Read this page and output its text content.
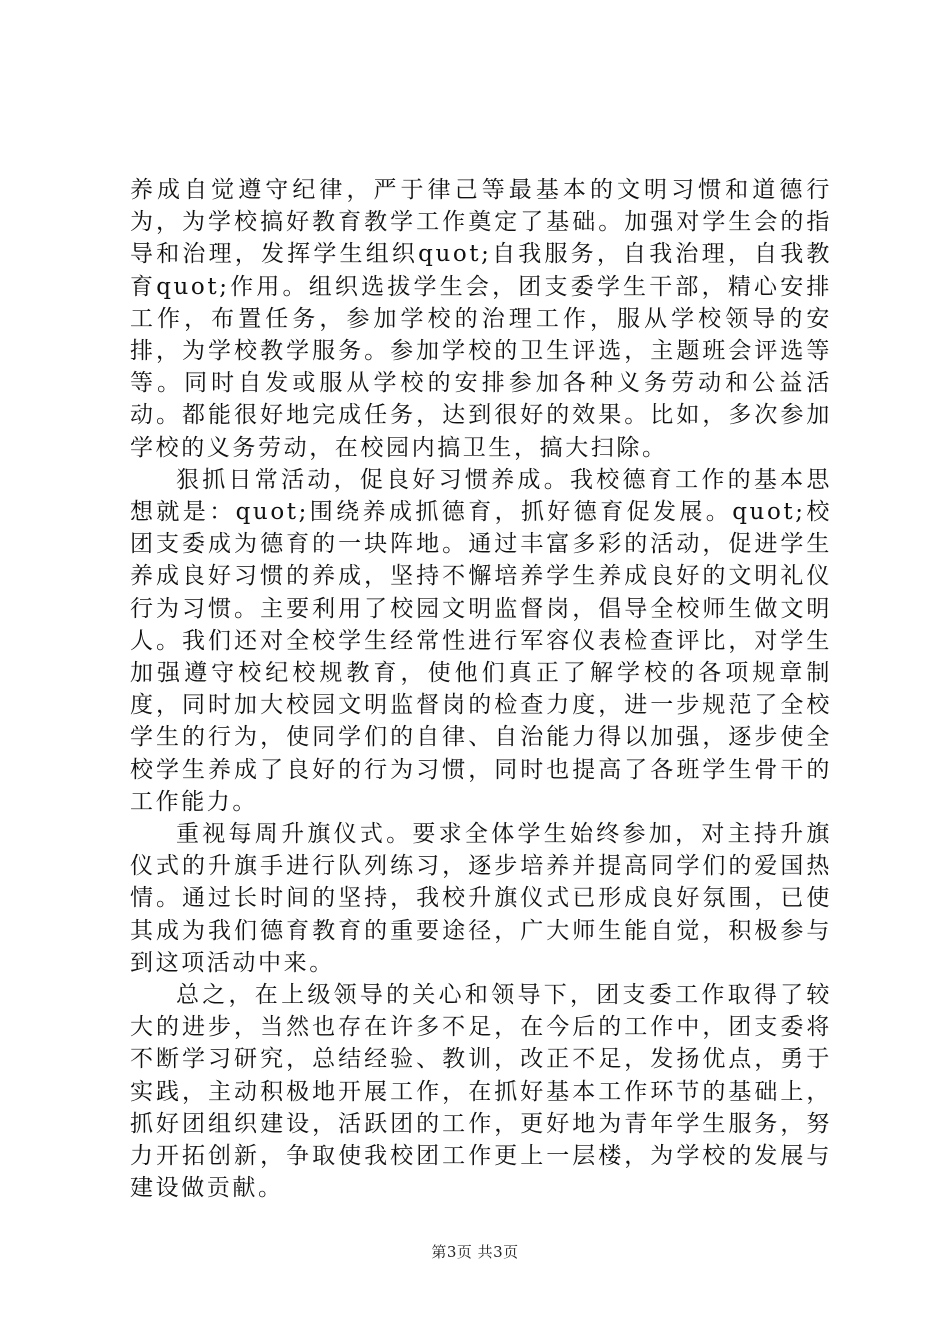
养成自觉遵守纪律，严于律己等最基本的文明习惯和道德行为，为学校搞好教育教学工作奠定了基础。加强对学生会的指导和治理，发挥学生组织quot;自我服务，自我治理，自我教育quot;作用。组织选拔学生会，团支委学生干部，精心安排工作，布置任务，参加学校的治理工作，服从学校领导的安排，为学校教学服务。参加学校的卫生评选，主题班会评选等等。同时自发或服从学校的安排参加各种义务劳动和公益活动。都能很好地完成任务，达到很好的效果。比如，多次参加学校的义务劳动，在校园内搞卫生，搞大扫除。

狠抓日常活动，促良好习惯养成。我校德育工作的基本思想就是：quot;围绕养成抓德育，抓好德育促发展。quot;校团支委成为德育的一块阵地。通过丰富多彩的活动，促进学生养成良好习惯的养成，坚持不懈培养学生养成良好的文明礼仪行为习惯。主要利用了校园文明监督岗，倡导全校师生做文明人。我们还对全校学生经常性进行军容仪表检查评比，对学生加强遵守校纪校规教育，使他们真正了解学校的各项规章制度，同时加大校园文明监督岗的检查力度，进一步规范了全校学生的行为，使同学们的自律、自治能力得以加强，逐步使全校学生养成了良好的行为习惯，同时也提高了各班学生骨干的工作能力。

重视每周升旗仪式。要求全体学生始终参加，对主持升旗仪式的升旗手进行队列练习，逐步培养并提高同学们的爱国热情。通过长时间的坚持，我校升旗仪式已形成良好氛围，已使其成为我们德育教育的重要途径，广大师生能自觉，积极参与到这项活动中来。

总之，在上级领导的关心和领导下，团支委工作取得了较大的进步，当然也存在许多不足，在今后的工作中，团支委将不断学习研究，总结经验、教训，改正不足，发扬优点，勇于实践，主动积极地开展工作，在抓好基本工作环节的基础上，抓好团组织建设，活跃团的工作，更好地为青年学生服务，努力开拓创新，争取使我校团工作更上一层楼，为学校的发展与建设做贡献。

第3页 共3页
